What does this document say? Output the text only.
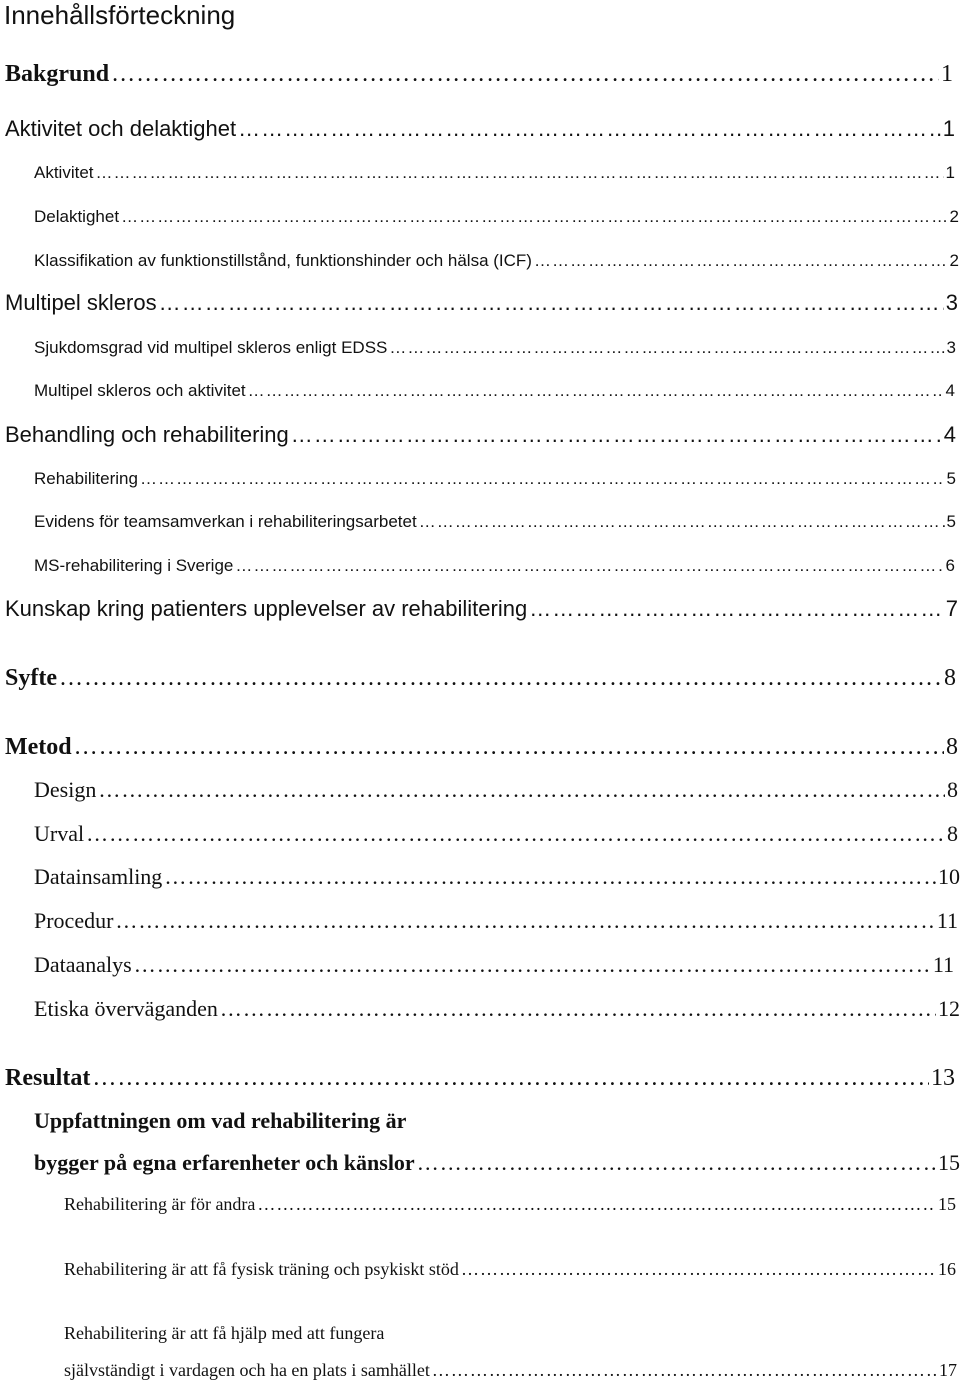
Innehållsförteckning
Bakgrund ……………………………………………………………………………………………………………………………………………………………………………………………………………………………………	1
Aktivitet och delaktighet ……………………………………………………………………………………………………………………………………………………………………………………………………………………………………	1
Aktivitet ……………………………………………………………………………………………………………………………………………………………………………………………………………………………………	1
Delaktighet ……………………………………………………………………………………………………………………………………………………………………………………………………………………………………	2
Klassifikation av funktionstillstånd, funktionshinder och hälsa (ICF) ……………………………………………………………………………………………………………………………………………………………………………………………………………………………………	2
Multipel skleros ……………………………………………………………………………………………………………………………………………………………………………………………………………………………………	3
Sjukdomsgrad vid multipel skleros enligt EDSS ……………………………………………………………………………………………………………………………………………………………………………………………………………………………………	3
Multipel skleros och aktivitet ……………………………………………………………………………………………………………………………………………………………………………………………………………………………………	4
Behandling och rehabilitering ……………………………………………………………………………………………………………………………………………………………………………………………………………………………………	4
Rehabilitering ……………………………………………………………………………………………………………………………………………………………………………………………………………………………………	5
Evidens för teamsamverkan i rehabiliteringsarbetet ……………………………………………………………………………………………………………………………………………………………………………………………………………………………………	5
MS-rehabilitering i Sverige ……………………………………………………………………………………………………………………………………………………………………………………………………………………………………	6
Kunskap kring patienters upplevelser av rehabilitering ……………………………………………………………………………………………………………………………………………………………………………………………………………………………………	7
Syfte ……………………………………………………………………………………………………………………………………………………………………………………………………………………………………	8
Metod ……………………………………………………………………………………………………………………………………………………………………………………………………………………………………	8
Design ……………………………………………………………………………………………………………………………………………………………………………………………………………………………………	8
Urval ……………………………………………………………………………………………………………………………………………………………………………………………………………………………………	8
Datainsamling ……………………………………………………………………………………………………………………………………………………………………………………………………………………………………	10
Procedur ……………………………………………………………………………………………………………………………………………………………………………………………………………………………………	11
Dataanalys ……………………………………………………………………………………………………………………………………………………………………………………………………………………………………	11
Etiska överväganden ……………………………………………………………………………………………………………………………………………………………………………………………………………………………………	12
Resultat ……………………………………………………………………………………………………………………………………………………………………………………………………………………………………	13
Uppfattningen om vad rehabilitering är
bygger på egna erfarenheter och känslor ……………………………………………………………………………………………………………………………………………………………………………………………………………………………………	15
Rehabilitering är för andra ……………………………………………………………………………………………………………………………………………………………………………………………………………………………………	15
Rehabilitering är att få fysisk träning och psykiskt stöd ……………………………………………………………………………………………………………………………………………………………………………………………………………………………………	16
Rehabilitering är att få hjälp med att fungera
självständigt i vardagen och ha en plats i samhället ……………………………………………………………………………………………………………………………………………………………………………………………………………………………………	17
